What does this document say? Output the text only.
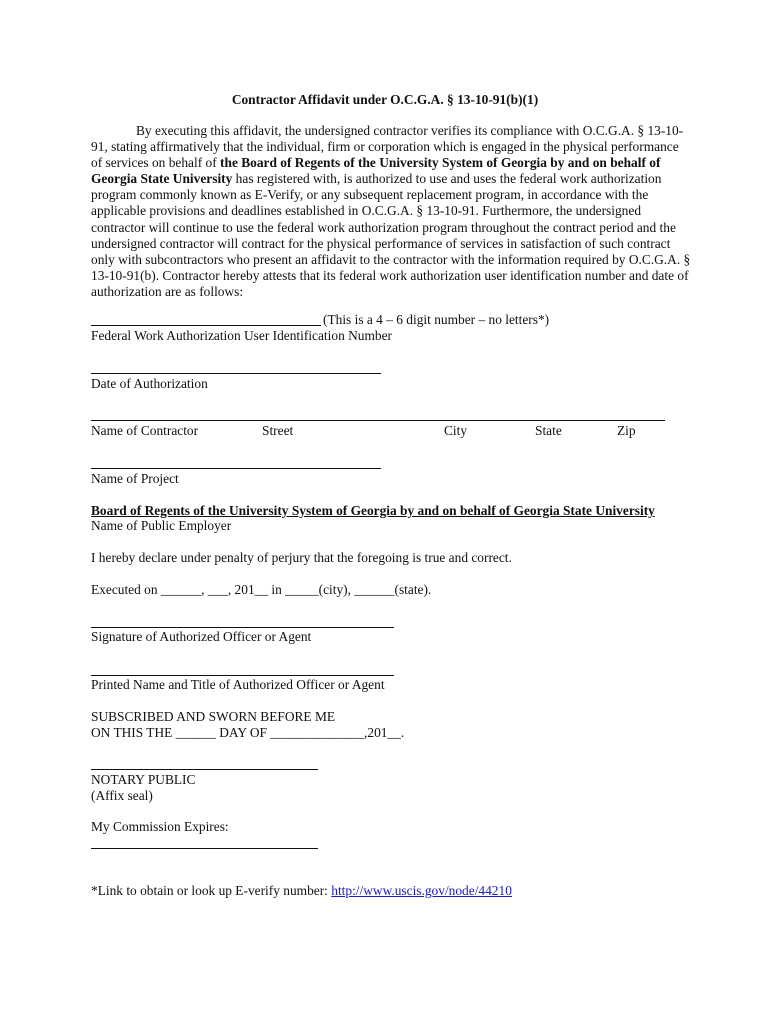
Contractor Affidavit under O.C.G.A. § 13-10-91(b)(1)
By executing this affidavit, the undersigned contractor verifies its compliance with O.C.G.A. § 13-10-91, stating affirmatively that the individual, firm or corporation which is engaged in the physical performance of services on behalf of the Board of Regents of the University System of Georgia by and on behalf of Georgia State University has registered with, is authorized to use and uses the federal work authorization program commonly known as E-Verify, or any subsequent replacement program, in accordance with the applicable provisions and deadlines established in O.C.G.A. § 13-10-91. Furthermore, the undersigned contractor will continue to use the federal work authorization program throughout the contract period and the undersigned contractor will contract for the physical performance of services in satisfaction of such contract only with subcontractors who present an affidavit to the contractor with the information required by O.C.G.A. § 13-10-91(b). Contractor hereby attests that its federal work authorization user identification number and date of authorization are as follows:
(This is a 4 – 6 digit number – no letters*)
Federal Work Authorization User Identification Number
Date of Authorization
Name of Contractor	Street	City	State	Zip
Name of Project
Board of Regents of the University System of Georgia by and on behalf of Georgia State University
Name of Public Employer
I hereby declare under penalty of perjury that the foregoing is true and correct.
Executed on ______, ___, 201__ in _____(city), ______(state).
Signature of Authorized Officer or Agent
Printed Name and Title of Authorized Officer or Agent
SUBSCRIBED AND SWORN BEFORE ME
ON THIS THE ______ DAY OF ______________,201__.
NOTARY PUBLIC
(Affix seal)
My Commission Expires:
*Link to obtain or look up E-verify number: http://www.uscis.gov/node/44210
